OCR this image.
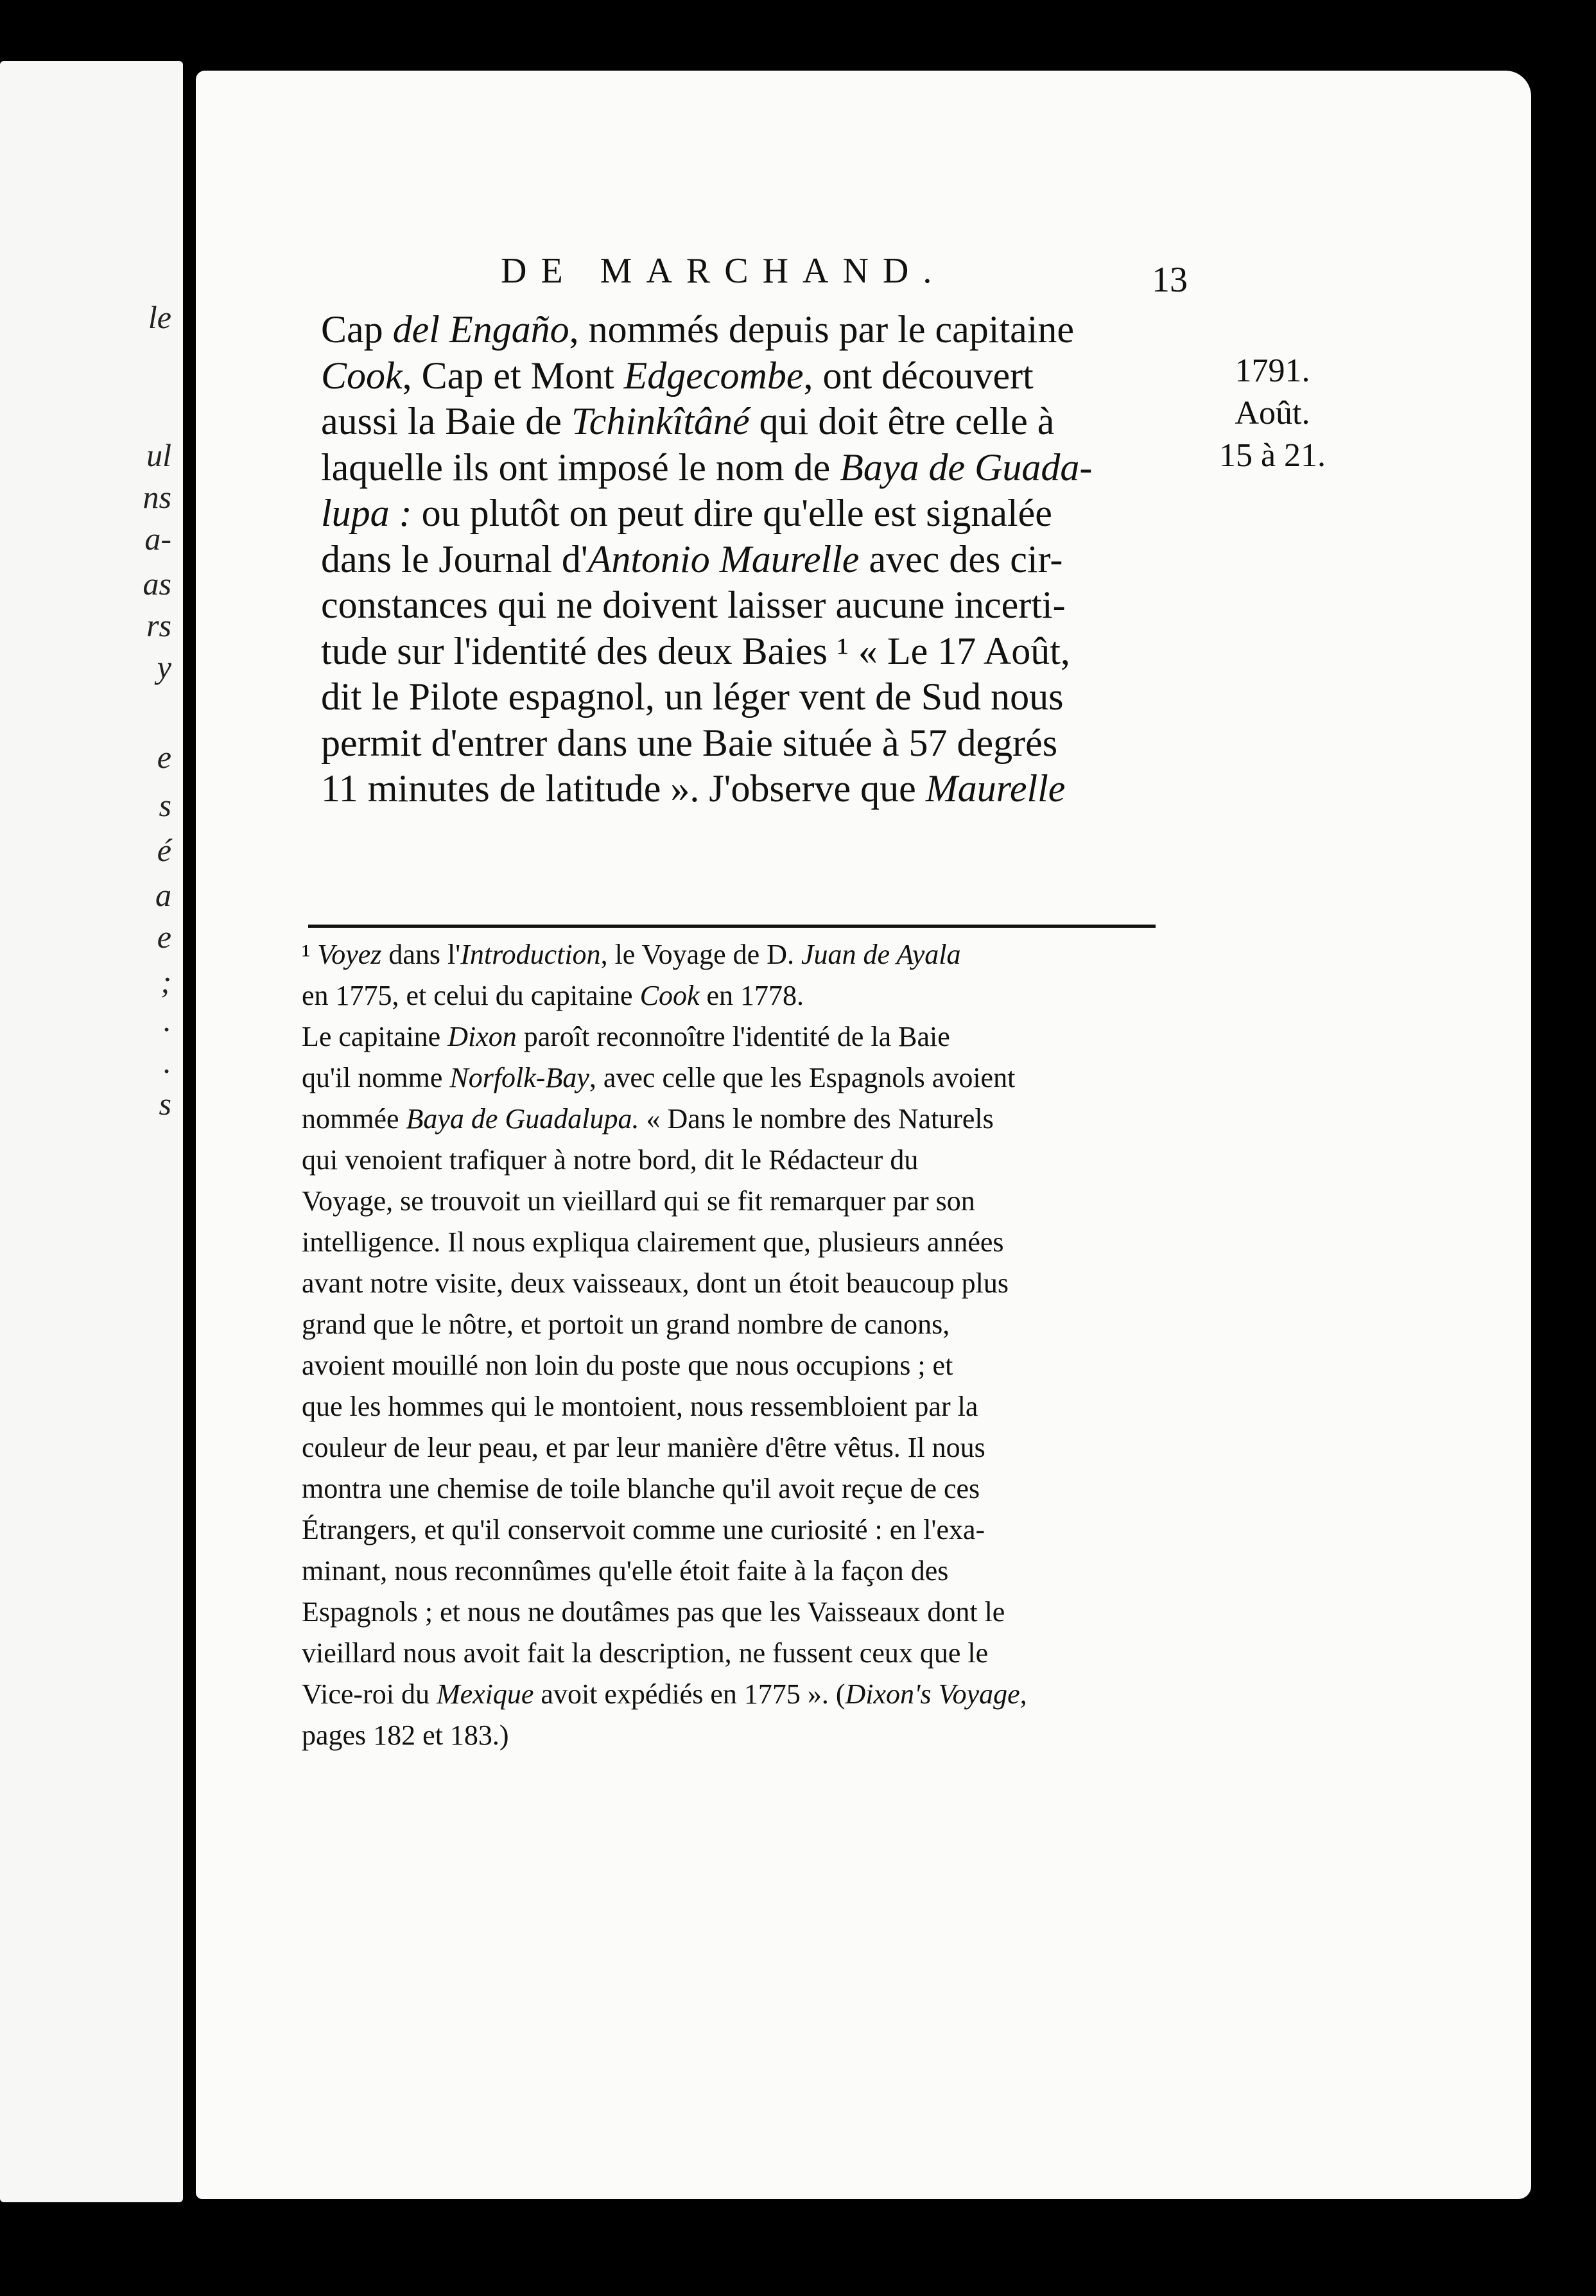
le
ul
ns
a-
as
rs
y
e
s
é
a
e
;
.
.
s
DE MARCHAND.	13
1791.
Août.
15 à 21.
Cap del Engaño, nommés depuis par le capitaine
Cook, Cap et Mont Edgecombe, ont découvert
aussi la Baie de Tchinkîtâné qui doit être celle à
laquelle ils ont imposé le nom de Baya de Guada-
lupa : ou plutôt on peut dire qu'elle est signalée
dans le Journal d'Antonio Maurelle avec des cir-
constances qui ne doivent laisser aucune incerti-
tude sur l'identité des deux Baies ¹ « Le 17 Août,
dit le Pilote espagnol, un léger vent de Sud nous
permit d'entrer dans une Baie située à 57 degrés
11 minutes de latitude ». J'observe que Maurelle
¹ Voyez dans l'Introduction, le Voyage de D. Juan de Ayala
en 1775, et celui du capitaine Cook en 1778.
Le capitaine Dixon paroît reconnoître l'identité de la Baie
qu'il nomme Norfolk-Bay, avec celle que les Espagnols avoient
nommée Baya de Guadalupa. « Dans le nombre des Naturels
qui venoient trafiquer à notre bord, dit le Rédacteur du
Voyage, se trouvoit un vieillard qui se fit remarquer par son
intelligence. Il nous expliqua clairement que, plusieurs années
avant notre visite, deux vaisseaux, dont un étoit beaucoup plus
grand que le nôtre, et portoit un grand nombre de canons,
avoient mouillé non loin du poste que nous occupions ; et
que les hommes qui le montoient, nous ressembloient par la
couleur de leur peau, et par leur manière d'être vêtus. Il nous
montra une chemise de toile blanche qu'il avoit reçue de ces
Étrangers, et qu'il conservoit comme une curiosité : en l'exa-
minant, nous reconnûmes qu'elle étoit faite à la façon des
Espagnols ; et nous ne doutâmes pas que les Vaisseaux dont le
vieillard nous avoit fait la description, ne fussent ceux que le
Vice-roi du Mexique avoit expédiés en 1775 ». (Dixon's Voyage,
pages 182 et 183.)
